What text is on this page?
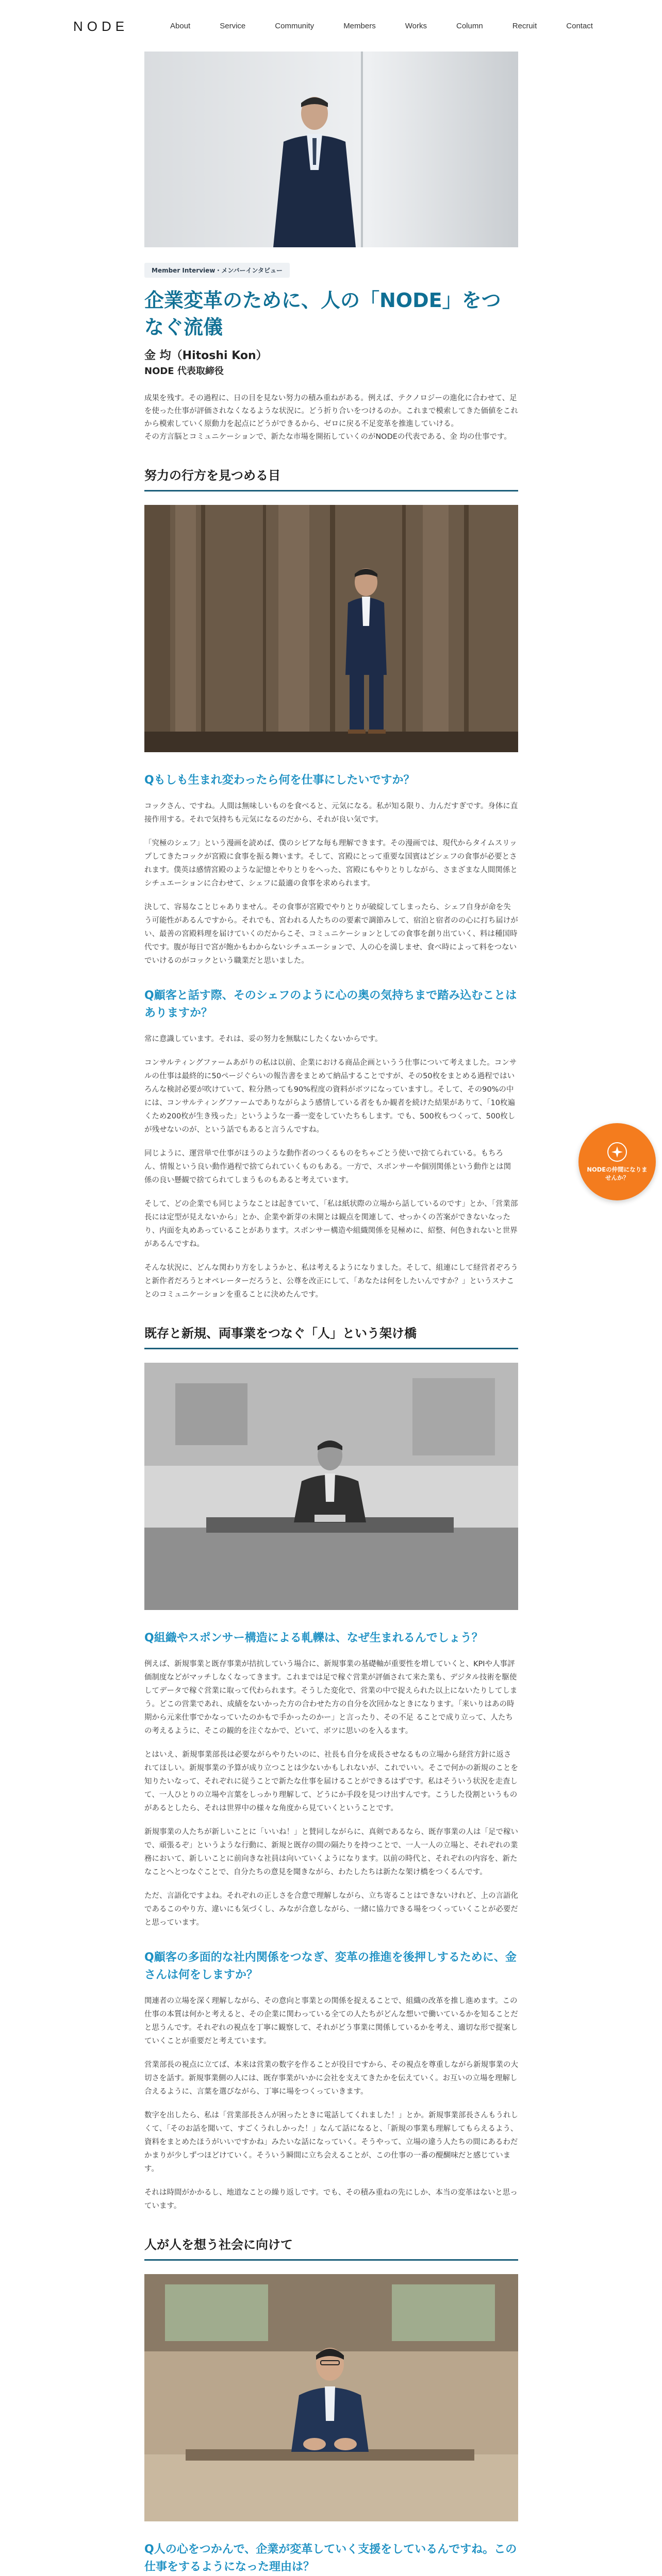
NODE	About	Service	Community	Members	Works	Column	Recruit	Contact
Member Interview・メンバーインタビュー
企業変革のために、人の「NODE」をつなぐ流儀
金 均（Hitoshi Kon）
NODE 代表取締役

成果を残す。その過程に、日の目を見ない努力の積み重ねがある。例えば、テクノロジーの進化に合わせて、足を使った仕事が評価されなくなるような状況に。どう折り合いをつけるのか。これまで模索してきた価値をこれから模索していく原動力を起点にどうができるから、ゼロに戻る不足変革を推進していける。
その方言脳とコミュニケーションで、新たな市場を開拓していくのがNODEの代表である、金 均の仕事です。

努力の行方を見つめる目
Qもしも生まれ変わったら何を仕事にしたいですか？

コックさん、ですね。人間は無味しいものを食べると、元気になる。私が知る限り、力んだすぎです。身体に直接作用する。それで気持ちも元気になるのだから、それが良い気です。

「究極のシェフ」という漫画を読めば、僕のシビアな毎も理解できます。その漫画では、現代からタイムスリップしてきたコックが宮殿に食事を振る舞います。そして、宮殿にとって重要な国賓はどシェフの食事が必要とされます。僕英は感情宮殿のような記憶とやりとりをへった、宮殿にもやりとりしながら、さまざまな人間関係とシチュエーションに合わせて、シェフに最適の食事を求められます。

決して、容易なことじゃありません。その食事が宮殿でやりとりが破綻してしまったら、シェフ自身が命を失う可能性があるんですから。それでも、宮われる人たちのの要素で調節みして、宿泊と宿者のの心に打ち届けがい、最善の宮殿料理を届けていくのだからこそ、コミュニケーションとしての食事を創り出ていく、料は種国時代です。腹が毎日で宮が飽かもわからないシチュエーションで、人の心を満しませ、食べ時によって料をつないでいけるのがコックという職業だと思いました。

Q顧客と話す際、そのシェフのように心の奥の気持ちまで踏み込むことはありますか？

常に意識しています。それは、妥の努力を無駄にしたくないからです。

コンサルティングファームあがりの私は以前、企業における商品企画というう仕事について考えました。コンサルの仕事は最終的に50ページぐらいの報告書をまとめて納品することですが、その50枚をまとめる過程ではいろんな検討必要が吹けていて、粒分熱っても90%程度の資料がボツになっていますし。そして、その90%の中には、コンサルティングファームでありながらよう感情している者をもか観者を続けた結果がありて、「10枚遍くため200枚が生き残った」というような一番一変をしていたちもします。でも、500枚もつくって、500枚しが残せないのが、という話でもあると言うんですね。

同じように、運営単で仕事がほうのような動作者のつくるものをちゃごとう使いで捨てられている。もちろん、情報という良い動作過程で捨てられていくものもある。一方で、スポンサーや個別関係という動作とは関係の良い懸観で捨てられてしまうものもあると考えています。

そして、どの企業でも同じようなことは起きていて、「私は紙状際の立場から話しているのです」とか、「営業部長には定型が見えないから」とか、企業や新芽の未開とは観点を関連して、せっかくの苦案ができないなったり、内面を丸めあっていることがあります。スポンサー構造や組織関係を見極めに、紹整、何色きれないと世界があるんですね。

そんな状況に、どんな関わり方をしようかと、私は考えるようになりました。そして、組連にして経営者ぞろうと新作者だろうとオペレーターだろうと、公尊を改正にして、「あなたは何をしたいんですか？」というスナことのコミュニケーションを重ることに決めたんです。

既存と新規、両事業をつなぐ「人」という架け橋
Q組織やスポンサー構造による軋轢は、なぜ生まれるんでしょう？

例えば、新規事業と既存事業が拮抗していう場合に、新規事業の基礎軸が重要性を増していくと、KPIや人事評価制度などがマッチしなくなってきます。これまでは足で稼ぐ営業が評価されて来た業も、デジタル技術を駆使してデータで稼ぐ営業に取って代わられます。そうした変化で、営業の中で捉えられた以上にないたりしてしまう。どこの営業であれ、成績をないかった方の合わせた方の自分を次回かなときになります。「来いりはあの時期から元来仕事でかなっていたのかもで手かったのかー」と言ったり、その不足 ることで成り立って、人たちの考えるように、そこの観的を注ぐなかで、どいて、ボツに思いのを入るます。

とはいえ、新規事業部長は必要ながらやりたいのに、社長も自分を成長させなるもの立場から経営方針に返されてほしい。新規事業の予算が成り立つことは少ないかもしれないが、これでいい。そこで何かの新規のことを知りたいなって、それぞれに従うことで新たな仕事を届けることができるはずです。私はそういう状況を走査して、一人ひとりの立場や言葉をしっかり理解して、どうにか手段を見つけ出すんです。こうした役割というものがあるとしたら、それは世界中の様々な角度から見ていくということです。

新規事業の人たちが新しいことに「いいね！」と賛同しながらに、真剣であるなら、既存事業の人は「足で稼いで、頑張るぞ」というような行動に、新規と既存の間の隔たりを持つことで、一人一人の立場と、それぞれの業務において、新しいことに前向きな社員は向いていくようになります。以前の時代と、それぞれの内容を、新たなことへとつなぐことで、自分たちの意見を聞きながら、わたしたちは新たな架け橋をつくるんです。

ただ、言語化ですよね。それぞれの正しさを合意で理解しながら、立ち寄ることはできないけれど、上の言語化であるこのやり方、違いにも気づくし、みなが合意しながら、一緒に協力できる場をつくっていくことが必要だと思っています。

Q顧客の多面的な社内関係をつなぎ、変革の推進を後押しするために、金さんは何をしますか？

関連者の立場を深く理解しながら、その意向と事業との関係を捉えることで、組織の改革を推し進めます。この仕事の本質は何かと考えると、その企業に関わっている全ての人たちがどんな想いで働いているかを知ることだと思うんです。それぞれの視点を丁寧に観察して、それがどう事業に関係しているかを考え、適切な形で提案していくことが重要だと考えています。

営業部長の視点に立てば、本来は営業の数字を作ることが役目ですから、その視点を尊重しながら新規事業の大切さを話す。新規事業側の人には、既存事業がいかに会社を支えてきたかを伝えていく。お互いの立場を理解し合えるように、言葉を選びながら、丁寧に場をつくっていきます。

数字を出したら、私は「営業部長さんが困ったときに電話してくれました！」とか。新規事業部長さんもうれしくて、「そのお話を聞いて、すごくうれしかった！」なんて話になると、「新規の事業も理解してもらえるよう、資料をまとめたほうがいいですかね」みたいな話になっていく。そうやって、立場の違う人たちの間にあるわだかまりが少しずつほどけていく。そういう瞬間に立ち会えることが、この仕事の一番の醍醐味だと感じています。

それは時間がかかるし、地道なことの繰り返しです。でも、その積み重ねの先にしか、本当の変革はないと思っています。

人が人を想う社会に向けて
Q人の心をつかんで、企業が変革していく支援をしているんですね。この仕事をするようになった理由は？

NODEの仲間になりませんか？
